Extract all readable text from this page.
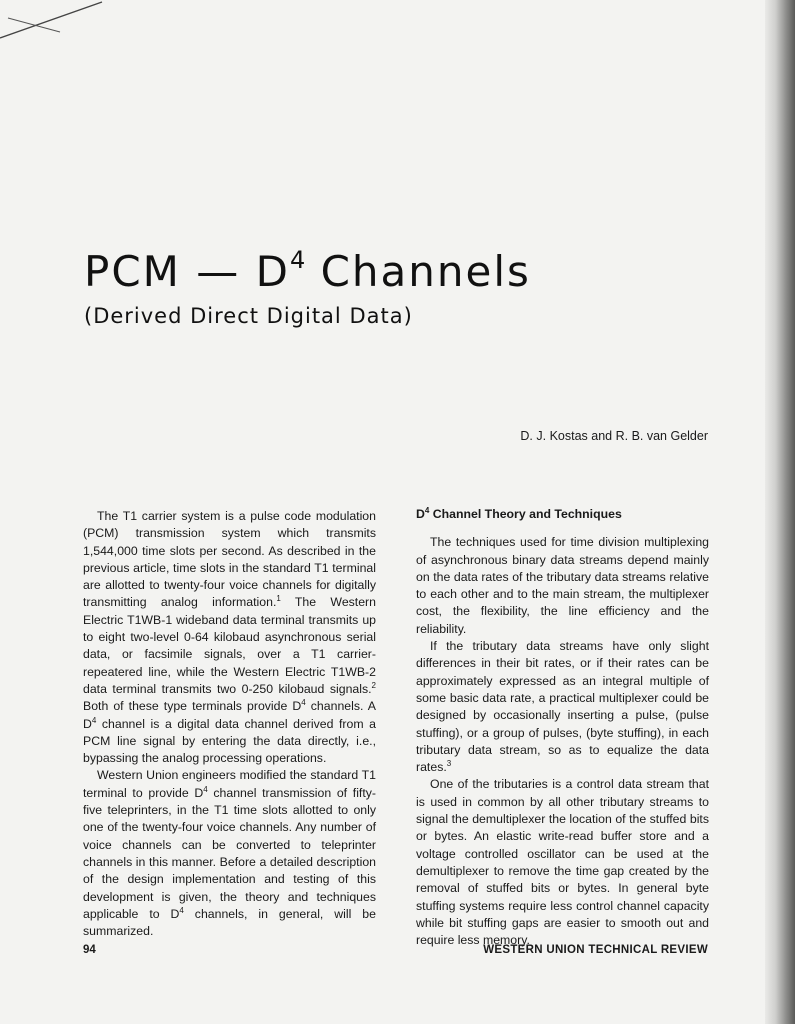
PCM — $D^4$ Channels
(Derived Direct Digital Data)
D. J. Kostas and R. B. van Gelder

The T1 carrier system is a pulse code modulation (PCM) transmission system which transmits 1,544,000 time slots per second. As described in the previous article, time slots in the standard T1 terminal are allotted to twenty-four voice channels for digitally transmitting analog information.$^1$ The Western Electric T1WB-1 wideband data terminal transmits up to eight two-level 0-64 kilobaud asynchronous serial data, or facsimile signals, over a T1 carrier-repeatered line, while the Western Electric T1WB-2 data terminal transmits two 0-250 kilobaud signals.$^2$ Both of these type terminals provide $D^4$ channels. A $D^4$ channel is a digital data channel derived from a PCM line signal by entering the data directly, i.e., bypassing the analog processing operations.

Western Union engineers modified the standard T1 terminal to provide $D^4$ channel transmission of fifty-five teleprinters, in the T1 time slots allotted to only one of the twenty-four voice channels. Any number of voice channels can be converted to teleprinter channels in this manner. Before a detailed description of the design implementation and testing of this development is given, the theory and techniques applicable to $D^4$ channels, in general, will be summarized.

$D^4$ Channel Theory and Techniques

The techniques used for time division multiplexing of asynchronous binary data streams depend mainly on the data rates of the tributary data streams relative to each other and to the main stream, the multiplexer cost, the flexibility, the line efficiency and the reliability.

If the tributary data streams have only slight differences in their bit rates, or if their rates can be approximately expressed as an integral multiple of some basic data rate, a practical multiplexer could be designed by occasionally inserting a pulse, (pulse stuffing), or a group of pulses, (byte stuffing), in each tributary data stream, so as to equalize the data rates.$^3$

One of the tributaries is a control data stream that is used in common by all other tributary streams to signal the demultiplexer the location of the stuffed bits or bytes. An elastic write-read buffer store and a voltage controlled oscillator can be used at the demultiplexer to remove the time gap created by the removal of stuffed bits or bytes. In general byte stuffing systems require less control channel capacity while bit stuffing gaps are easier to smooth out and require less memory.

94	WESTERN UNION TECHNICAL REVIEW
